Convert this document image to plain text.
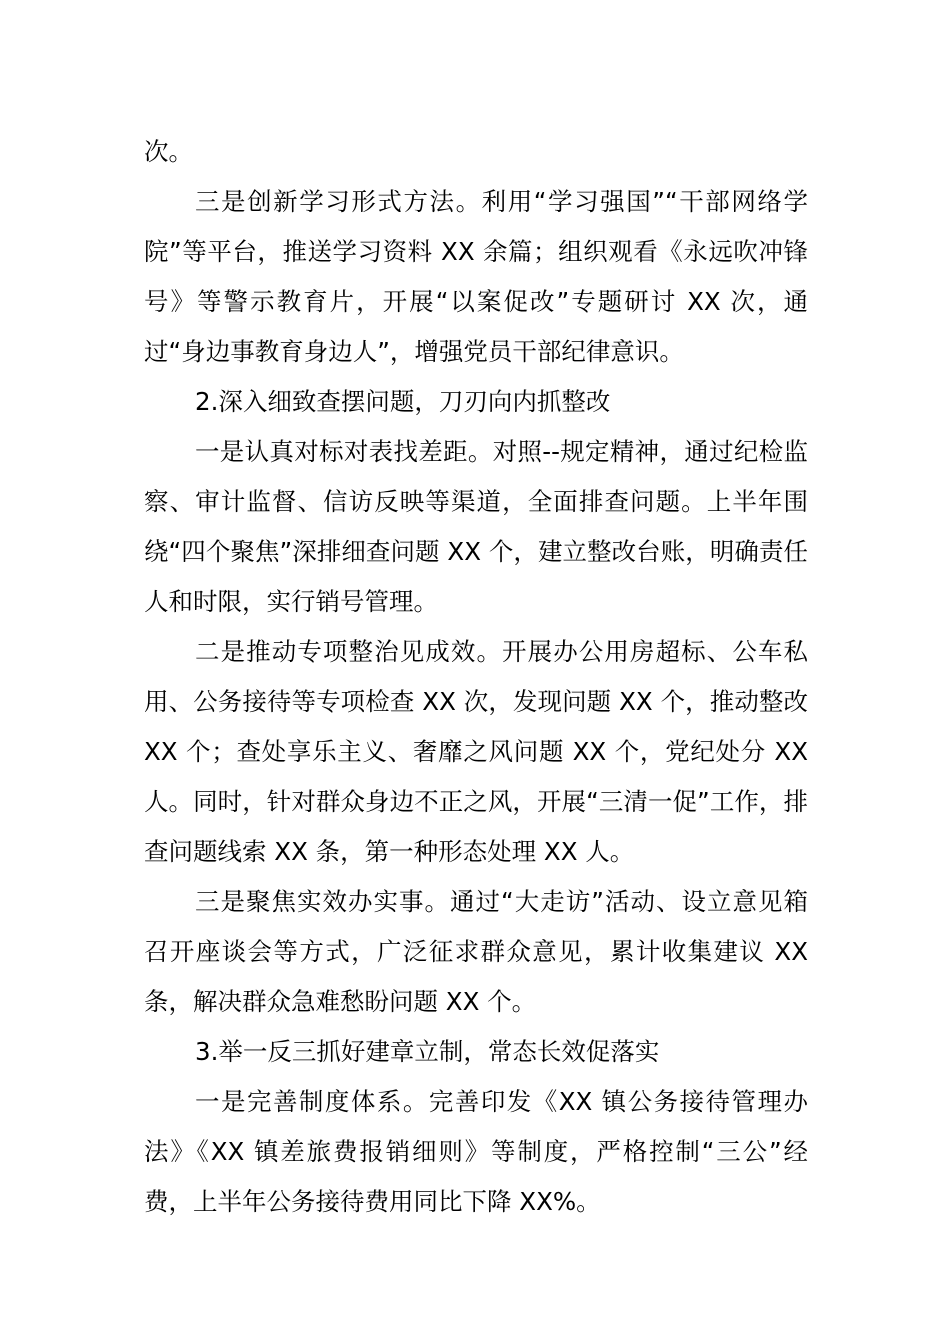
次。

三是创新学习形式方法。利用“学习强国”“干部网络学院”等平台，推送学习资料 XX 余篇；组织观看《永远吹冲锋号》等警示教育片，开展“以案促改”专题研讨 XX 次，通过“身边事教育身边人”，增强党员干部纪律意识。

2.深入细致查摆问题，刀刃向内抓整改

一是认真对标对表找差距。对照--规定精神，通过纪检监察、审计监督、信访反映等渠道，全面排查问题。上半年围绕“四个聚焦”深排细查问题 XX 个，建立整改台账，明确责任人和时限，实行销号管理。

二是推动专项整治见成效。开展办公用房超标、公车私用、公务接待等专项检查 XX 次，发现问题 XX 个，推动整改 XX 个；查处享乐主义、奢靡之风问题 XX 个，党纪处分 XX 人。同时，针对群众身边不正之风，开展“三清一促”工作，排查问题线索 XX 条，第一种形态处理 XX 人。

三是聚焦实效办实事。通过“大走访”活动、设立意见箱召开座谈会等方式，广泛征求群众意见，累计收集建议 XX 条，解决群众急难愁盼问题 XX 个。

3.举一反三抓好建章立制，常态长效促落实

一是完善制度体系。完善印发《XX 镇公务接待管理办法》《XX 镇差旅费报销细则》等制度，严格控制“三公”经费，上半年公务接待费用同比下降 XX%。
